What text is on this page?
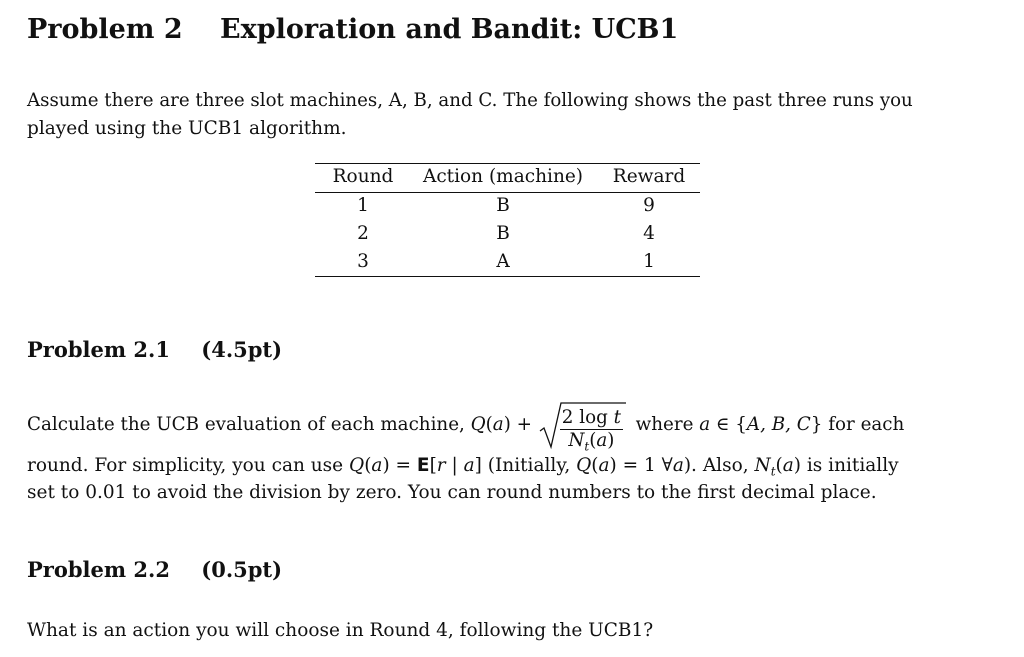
Problem 2 Exploration and Bandit: UCB1
Assume there are three slot machines, A, B, and C. The following shows the past three runs you
played using the UCB1 algorithm.
Round	Action (machine)	Reward
1	B	9
2	B	4
3	A	1
Problem 2.1 (4.5pt)
Calculate the UCB evaluation of each machine, $Q(a) + \frac{\text{2 log t}}{N_t(a)}$ where a ∈ {A, B, C} for each
round. For simplicity, you can use Q(a) = E[r | a] (Initially, Q(a) = 1 ∀a). Also, $N_t(a)$ is initially
set to 0.01 to avoid the division by zero. You can round numbers to the first decimal place.
Problem 2.2 (0.5pt)
What is an action you will choose in Round 4, following the UCB1?
